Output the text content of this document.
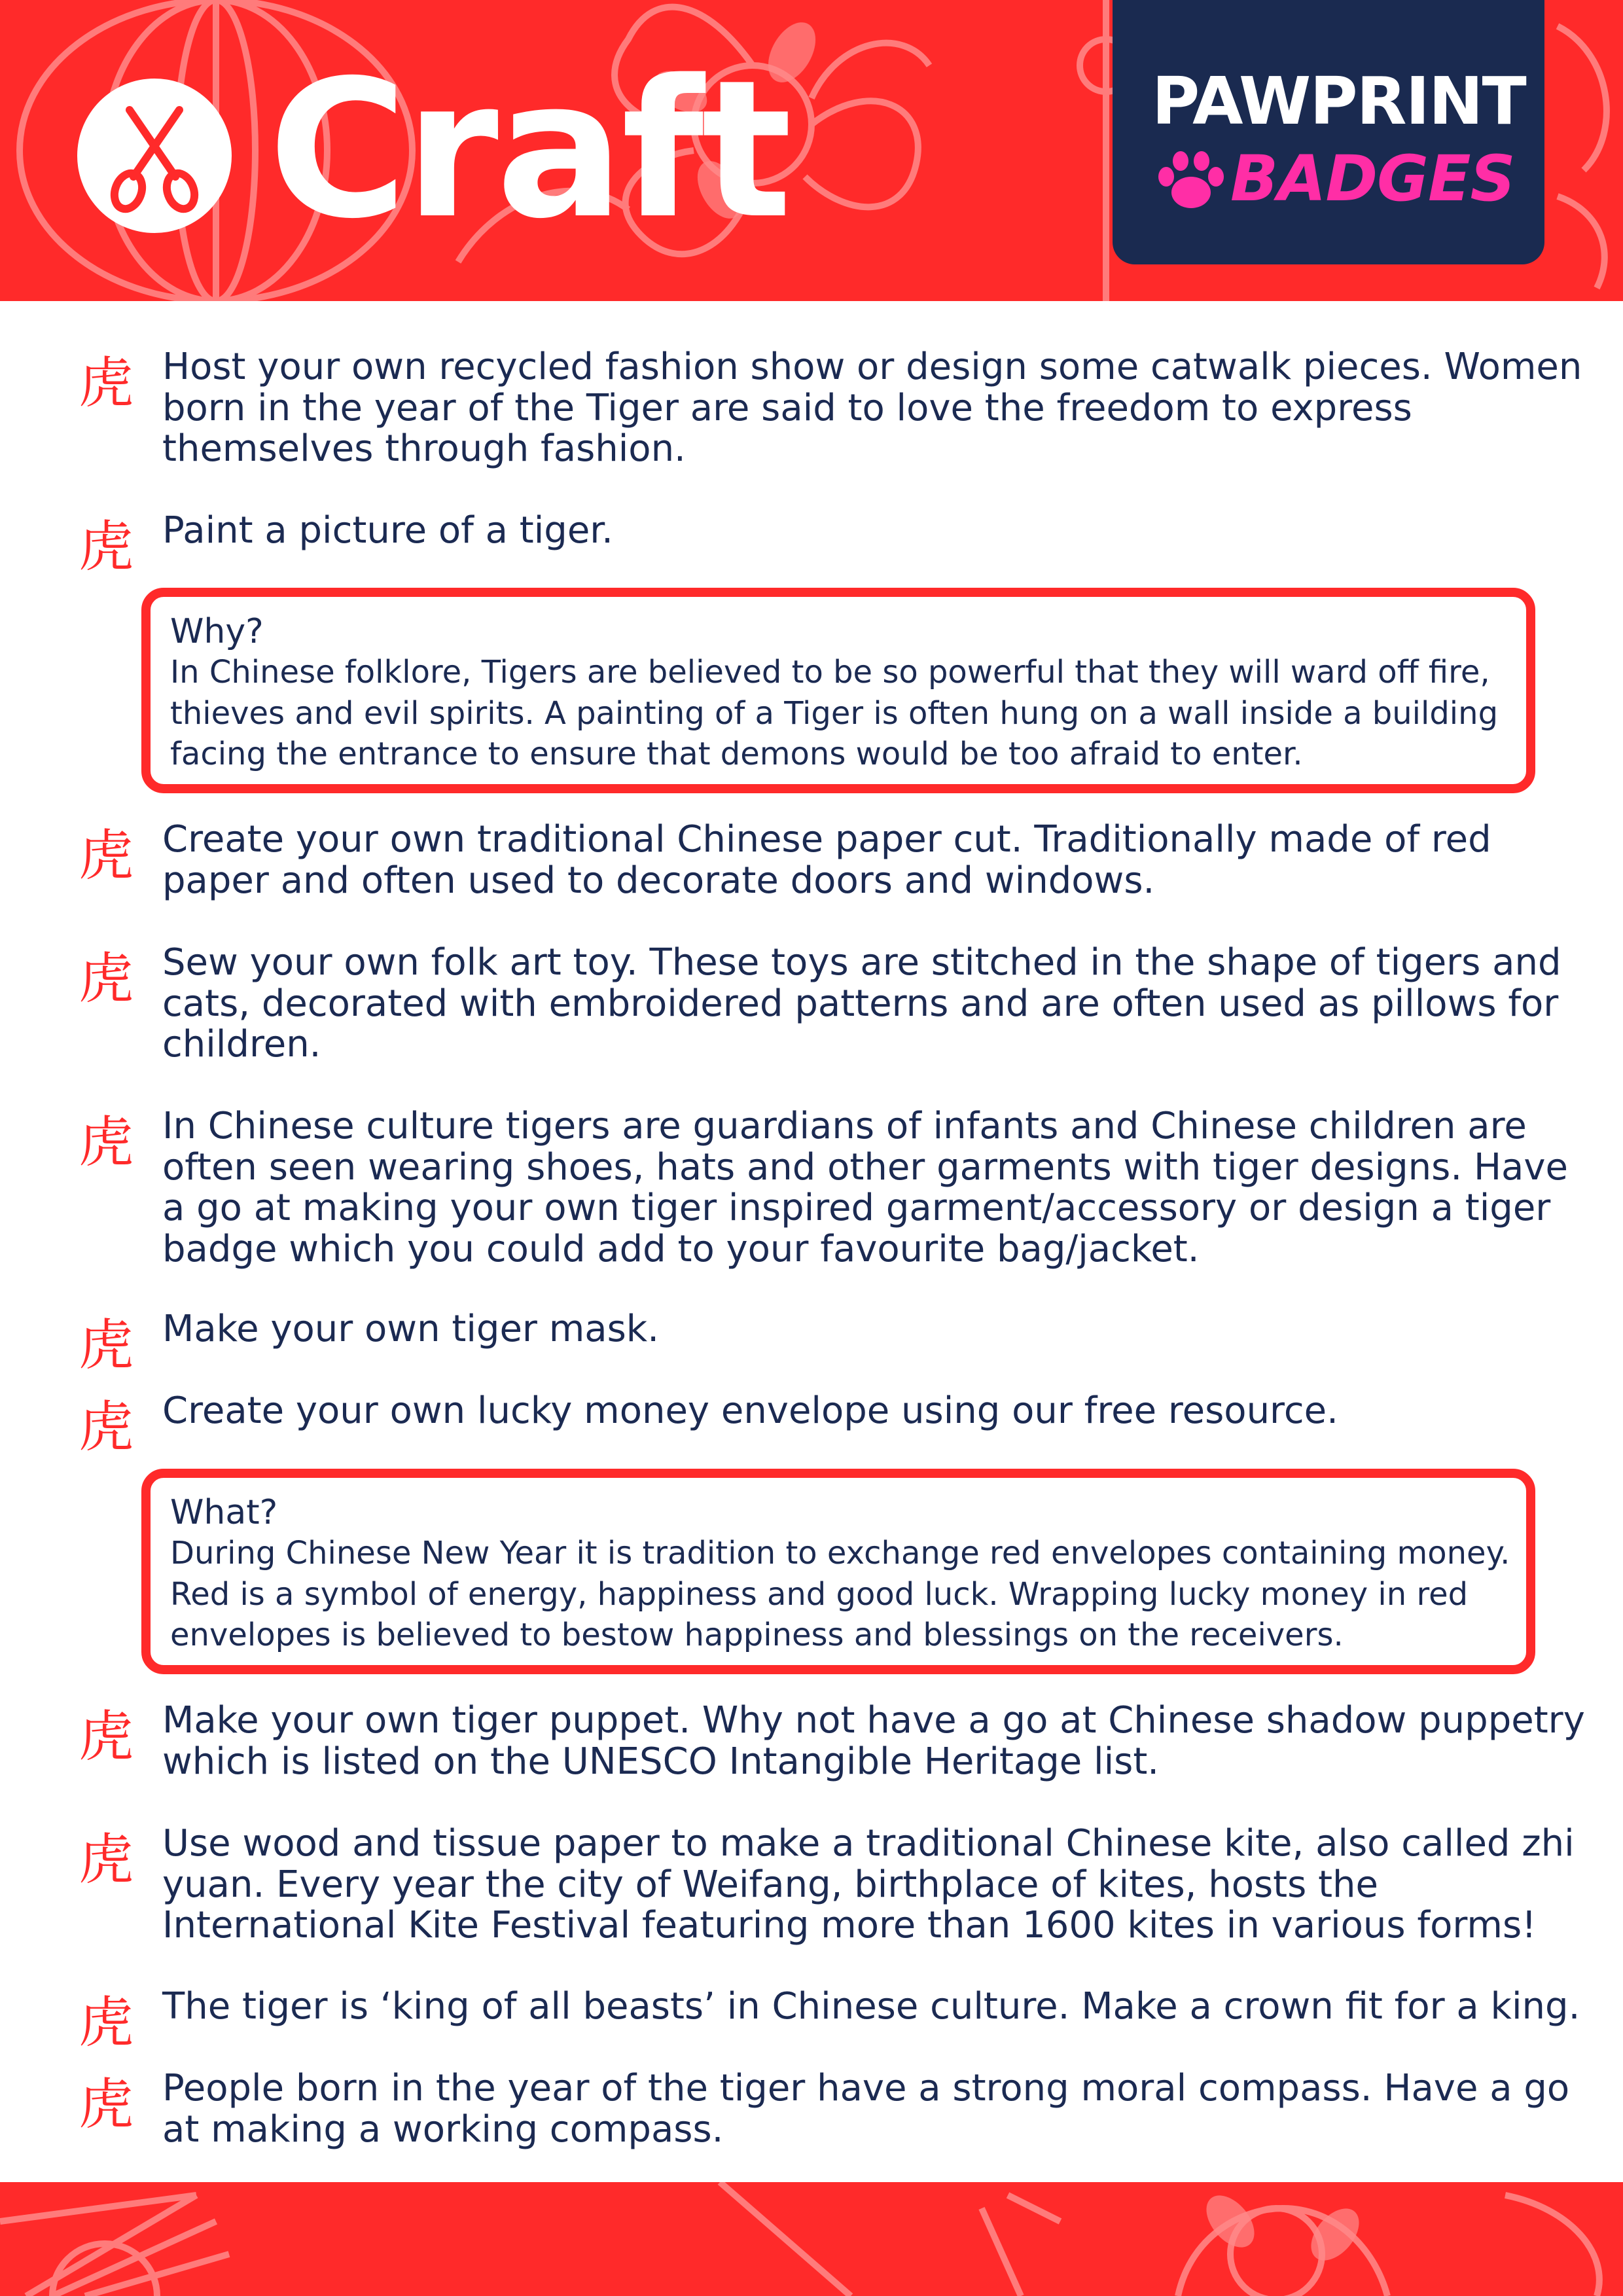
Craft	PAWPRINT
BADGES
虎 Host your own recycled fashion show or design some catwalk pieces. Women born in the year of the Tiger are said to love the freedom to express themselves through fashion.
虎 Paint a picture of a tiger.
Why?
In Chinese folklore, Tigers are believed to be so powerful that they will ward off fire, thieves and evil spirits. A painting of a Tiger is often hung on a wall inside a building facing the entrance to ensure that demons would be too afraid to enter.
虎 Create your own traditional Chinese paper cut. Traditionally made of red paper and often used to decorate doors and windows.
虎 Sew your own folk art toy. These toys are stitched in the shape of tigers and cats, decorated with embroidered patterns and are often used as pillows for children.
虎 In Chinese culture tigers are guardians of infants and Chinese children are often seen wearing shoes, hats and other garments with tiger designs. Have a go at making your own tiger inspired garment/accessory or design a tiger badge which you could add to your favourite bag/jacket.
虎 Make your own tiger mask.
虎 Create your own lucky money envelope using our free resource.
What?
During Chinese New Year it is tradition to exchange red envelopes containing money. Red is a symbol of energy, happiness and good luck. Wrapping lucky money in red envelopes is believed to bestow happiness and blessings on the receivers.
虎 Make your own tiger puppet. Why not have a go at Chinese shadow puppetry which is listed on the UNESCO Intangible Heritage list.
虎 Use wood and tissue paper to make a traditional Chinese kite, also called zhi yuan. Every year the city of Weifang, birthplace of kites, hosts the International Kite Festival featuring more than 1600 kites in various forms!
虎 The tiger is ‘king of all beasts’ in Chinese culture. Make a crown fit for a king.
虎 People born in the year of the tiger have a strong moral compass. Have a go at making a working compass.
